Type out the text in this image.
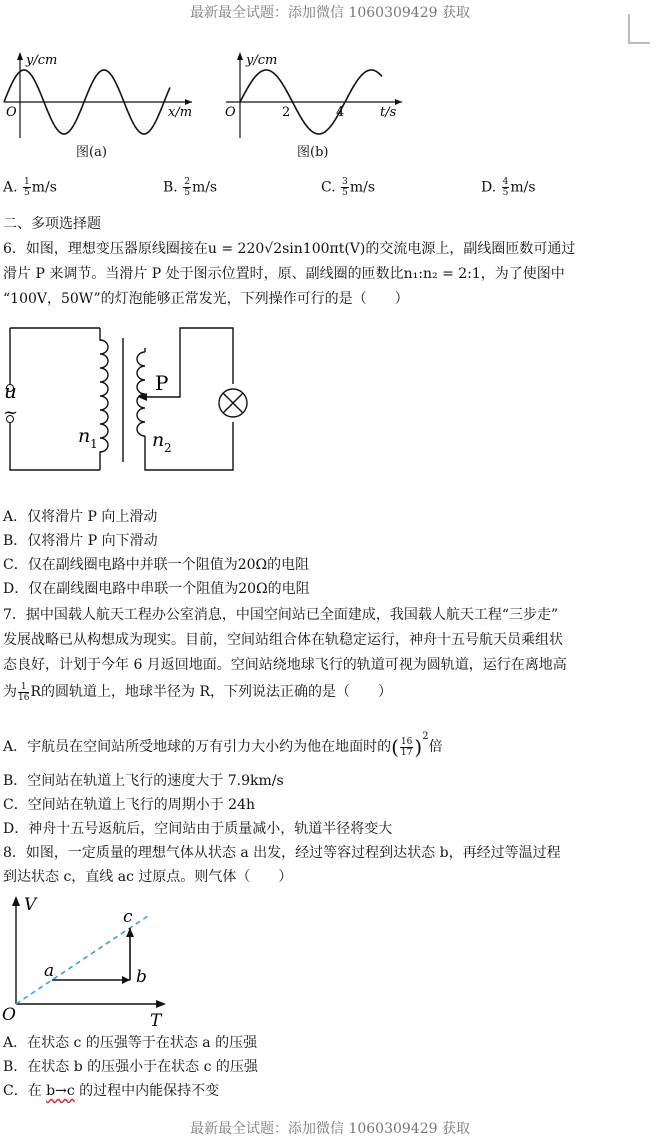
最新最全试题：添加微信 1060309429 获取
y/cm
x/m
O
图(a)
y/cm
t/s
O	2	4
图(b)
A. $\frac{1}{5} m/s$	B. $\frac{2}{5} m/s$	C. $\frac{3}{5} m/s$	D. $\frac{4}{5} m/s$
二、多项选择题
6．如图，理想变压器原线圈接在u = 220√2sin100πt(V)的交流电源上，副线圈匝数可通过
滑片 P 来调节。当滑片 P 处于图示位置时，原、副线圈的匝数比n₁:n₂ = 2:1，为了使图中
“100V，50W”的灯泡能够正常发光，下列操作可行的是（　　）
u
~
P
n 1	n 2
A．仅将滑片 P 向上滑动
B．仅将滑片 P 向下滑动
C．仅在副线圈电路中并联一个阻值为20Ω的电阻
D．仅在副线圈电路中串联一个阻值为20Ω的电阻
7．据中国载人航天工程办公室消息，中国空间站已全面建成，我国载人航天工程“三步走”
发展战略已从构想成为现实。目前，空间站组合体在轨稳定运行，神舟十五号航天员乘组状
态良好，计划于今年 6 月返回地面。空间站绕地球飞行的轨道可视为圆轨道，运行在离地高
为 $\frac{1}{16}$ R的圆轨道上，地球半径为 R，下列说法正确的是（　　）
A．宇航员在空间站所受地球的万有引力大小约为他在地面时的( $\frac{16}{17} )^2$倍
B．空间站在轨道上飞行的速度大于 7.9km/s
C．空间站在轨道上飞行的周期小于 24h
D．神舟十五号返航后，空间站由于质量减小，轨道半径将变大
8．如图，一定质量的理想气体从状态 a 出发，经过等容过程到达状态 b，再经过等温过程
到达状态 c，直线 ac 过原点。则气体（　　）
V
T
O
a	b
c
A．在状态 c 的压强等于在状态 a 的压强
B．在状态 b 的压强小于在状态 c 的压强
C．在 b→c 的过程中内能保持不变
最新最全试题：添加微信 1060309429 获取
